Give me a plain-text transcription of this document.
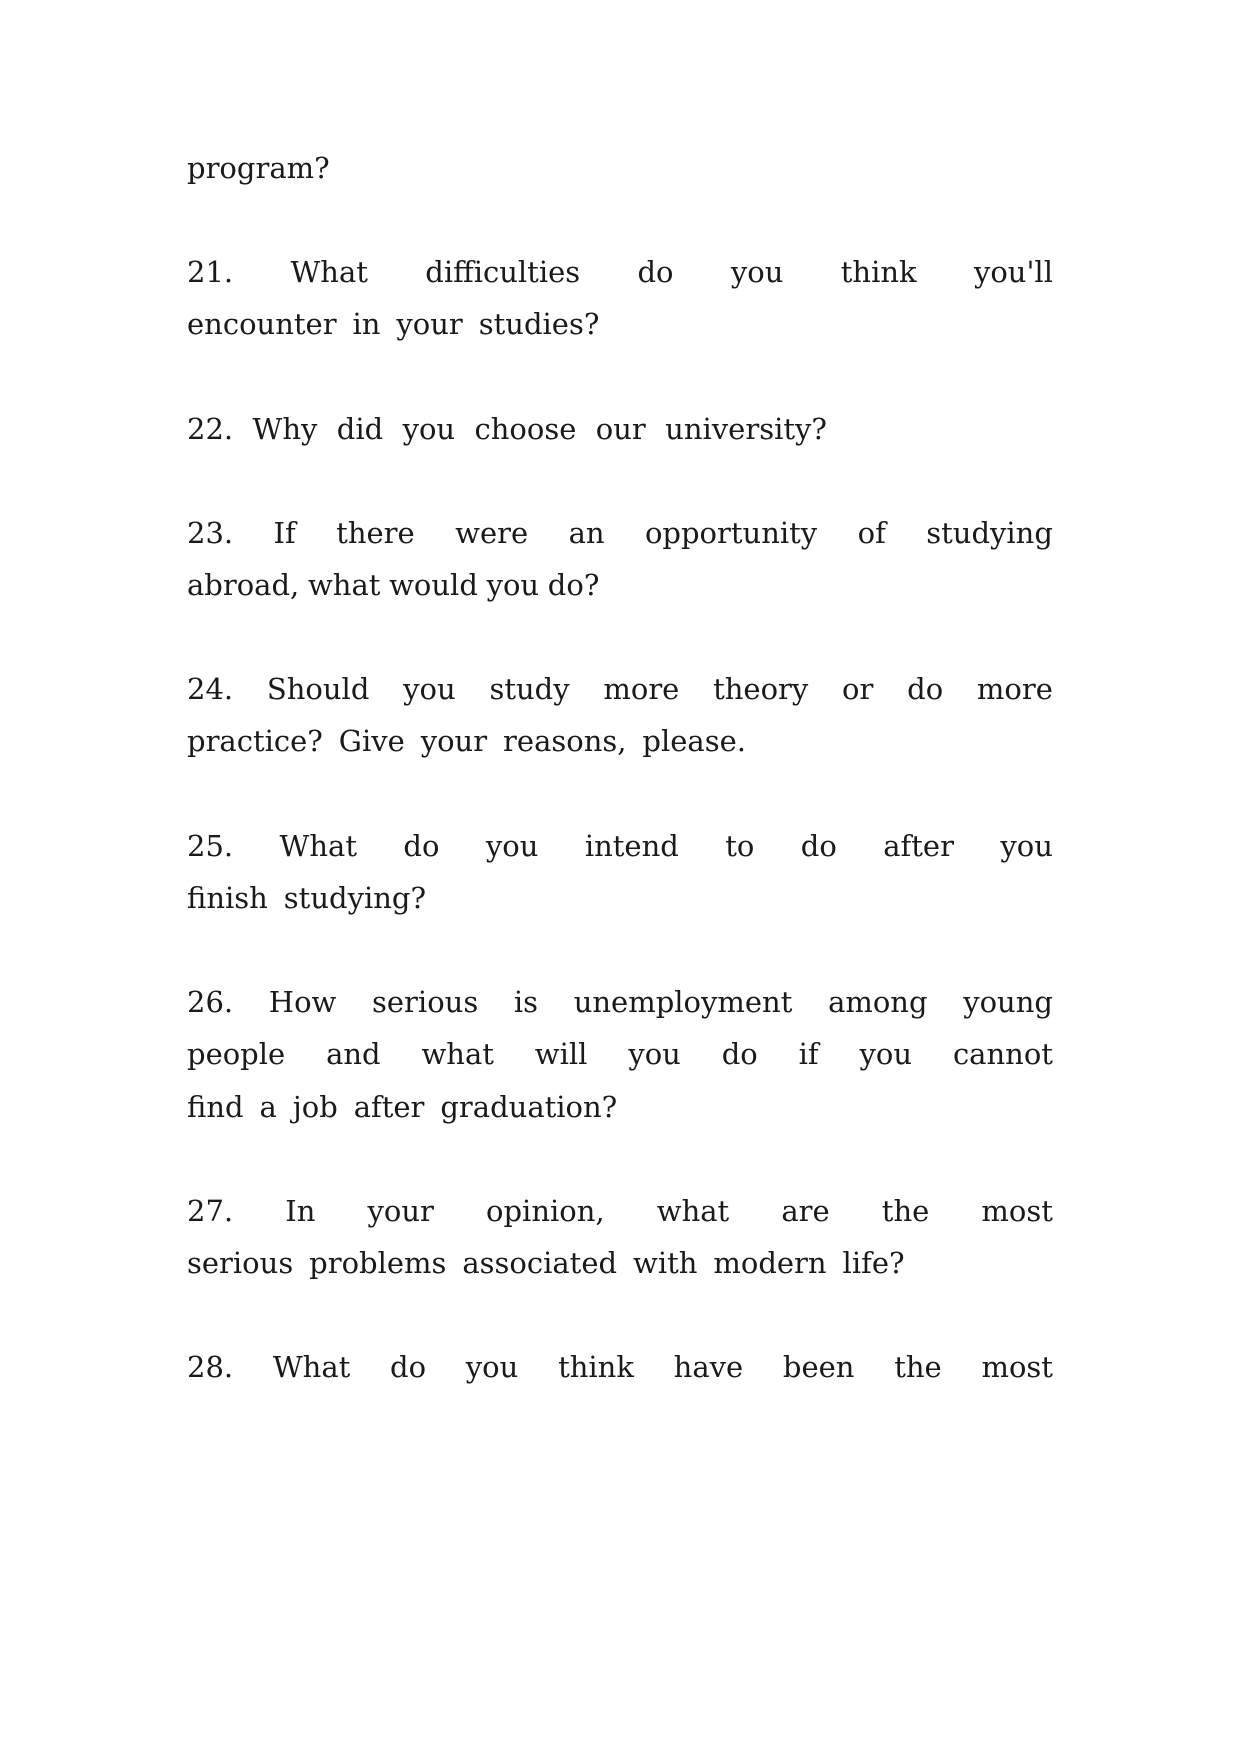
program?
21. What difficulties do you think you'll
encounter in your studies?
22. Why did you choose our university?
23. If there were an opportunity of studying
abroad, what would you do?
24. Should you study more theory or do more
practice? Give your reasons, please.
25. What do you intend to do after you
finish studying?
26. How serious is unemployment among young
people and what will you do if you cannot
find a job after graduation?
27. In your opinion, what are the most
serious problems associated with modern life?
28. What do you think have been the most
